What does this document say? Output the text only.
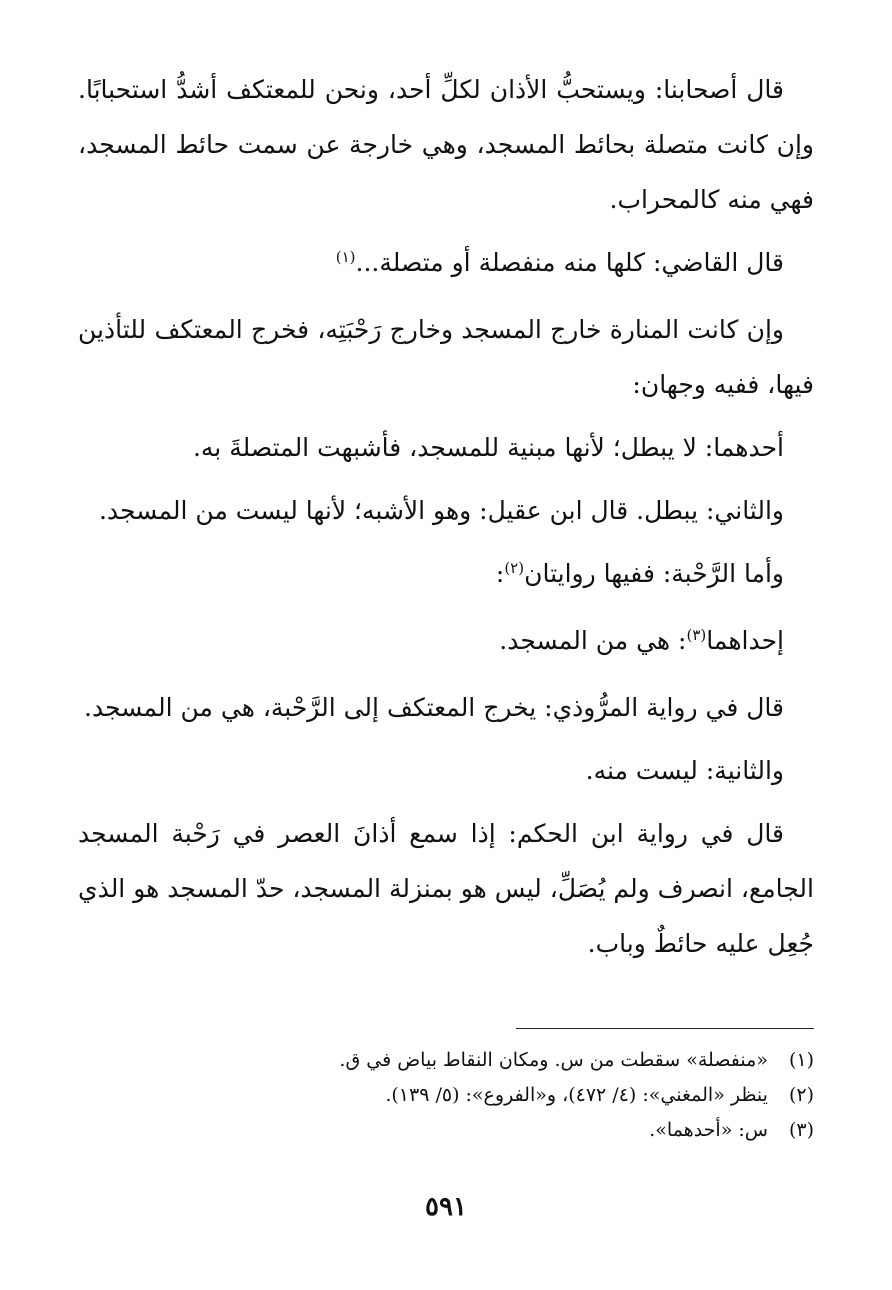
قال أصحابنا: ويستحبُّ الأذان لكلِّ أحد، ونحن للمعتكف أشدُّ استحبابًا. وإن كانت متصلة بحائط المسجد، وهي خارجة عن سمت حائط المسجد، فهي منه كالمحراب.

قال القاضي: كلها منه منفصلة أو متصلة...$^{(١)}$

وإن كانت المنارة خارج المسجد وخارج رَحْبَتِه، فخرج المعتكف للتأذين فيها، ففيه وجهان:

أحدهما: لا يبطل؛ لأنها مبنية للمسجد، فأشبهت المتصلةَ به.

والثاني: يبطل. قال ابن عقيل: وهو الأشبه؛ لأنها ليست من المسجد.

وأما الرَّحْبة: ففيها روايتان$^{(٢)}$:

إحداهما$^{(٣)}$: هي من المسجد.

قال في رواية المرُّوذي: يخرج المعتكف إلى الرَّحْبة، هي من المسجد.

والثانية: ليست منه.

قال في رواية ابن الحكم: إذا سمع أذانَ العصر في رَحْبة المسجد الجامع، انصرف ولم يُصَلِّ، ليس هو بمنزلة المسجد، حدّ المسجد هو الذي جُعِل عليه حائطٌ وباب.

(١) «منفصلة» سقطت من س. ومكان النقاط بياض في ق.

(٢) ينظر «المغني»: (٤/ ٤٧٢)، و«الفروع»: (٥/ ١٣٩).

(٣) س: «أحدهما».

٥٩١
